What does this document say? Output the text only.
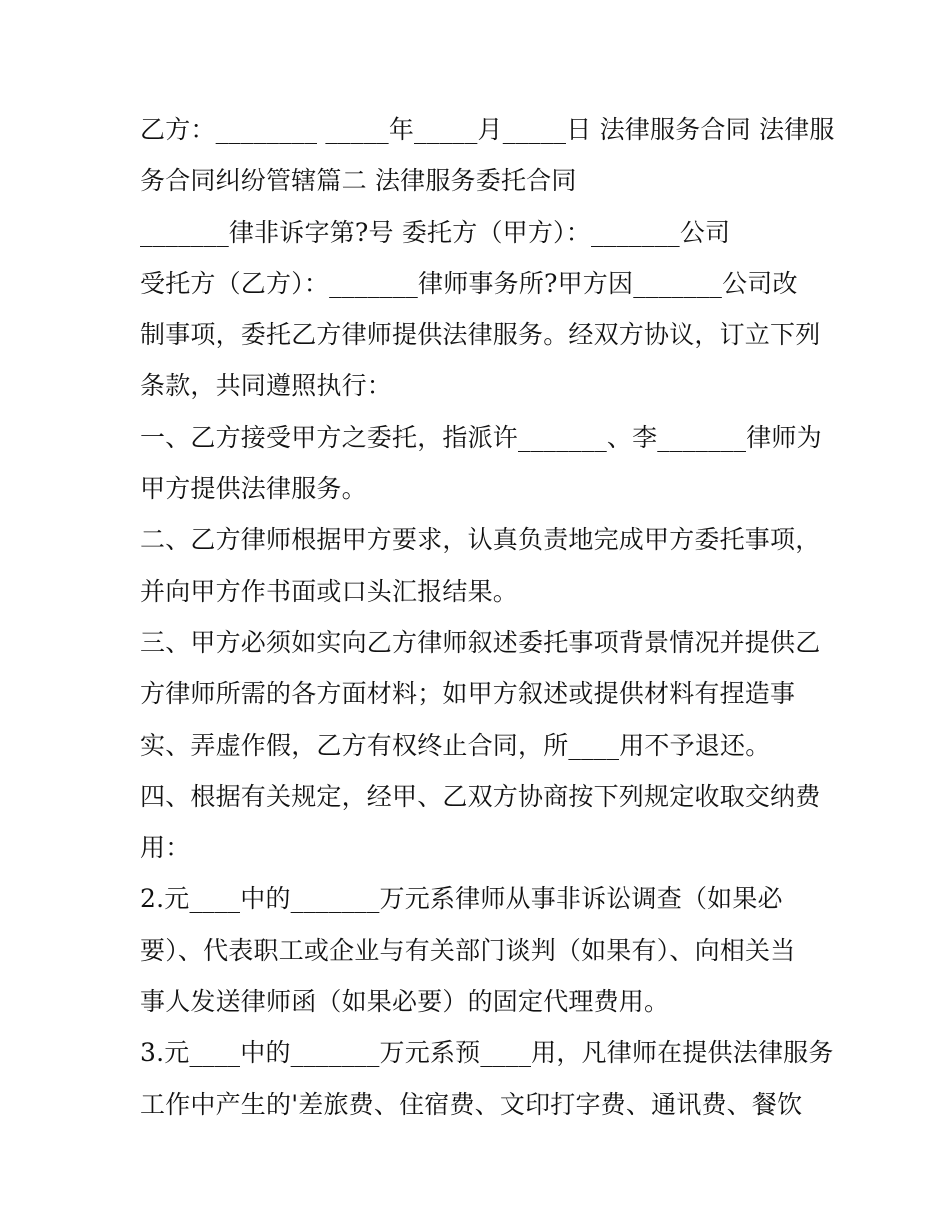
乙方：________ _____年_____月_____日 法律服务合同 法律服
务合同纠纷管辖篇二 法律服务委托合同
_______律非诉字第?号 委托方（甲方）：_______公司
受托方（乙方）：_______律师事务所?甲方因_______公司改
制事项，委托乙方律师提供法律服务。经双方协议，订立下列
条款，共同遵照执行：
一、乙方接受甲方之委托，指派许_______、李_______律师为
甲方提供法律服务。
二、乙方律师根据甲方要求，认真负责地完成甲方委托事项，
并向甲方作书面或口头汇报结果。
三、甲方必须如实向乙方律师叙述委托事项背景情况并提供乙
方律师所需的各方面材料；如甲方叙述或提供材料有捏造事
实、弄虚作假，乙方有权终止合同，所____用不予退还。
四、根据有关规定，经甲、乙双方协商按下列规定收取交纳费
用：
2.元____中的_______万元系律师从事非诉讼调查（如果必
要）、代表职工或企业与有关部门谈判（如果有）、向相关当
事人发送律师函（如果必要）的固定代理费用。
3.元____中的_______万元系预____用，凡律师在提供法律服务
工作中产生的'差旅费、住宿费、文印打字费、通讯费、餐饮
